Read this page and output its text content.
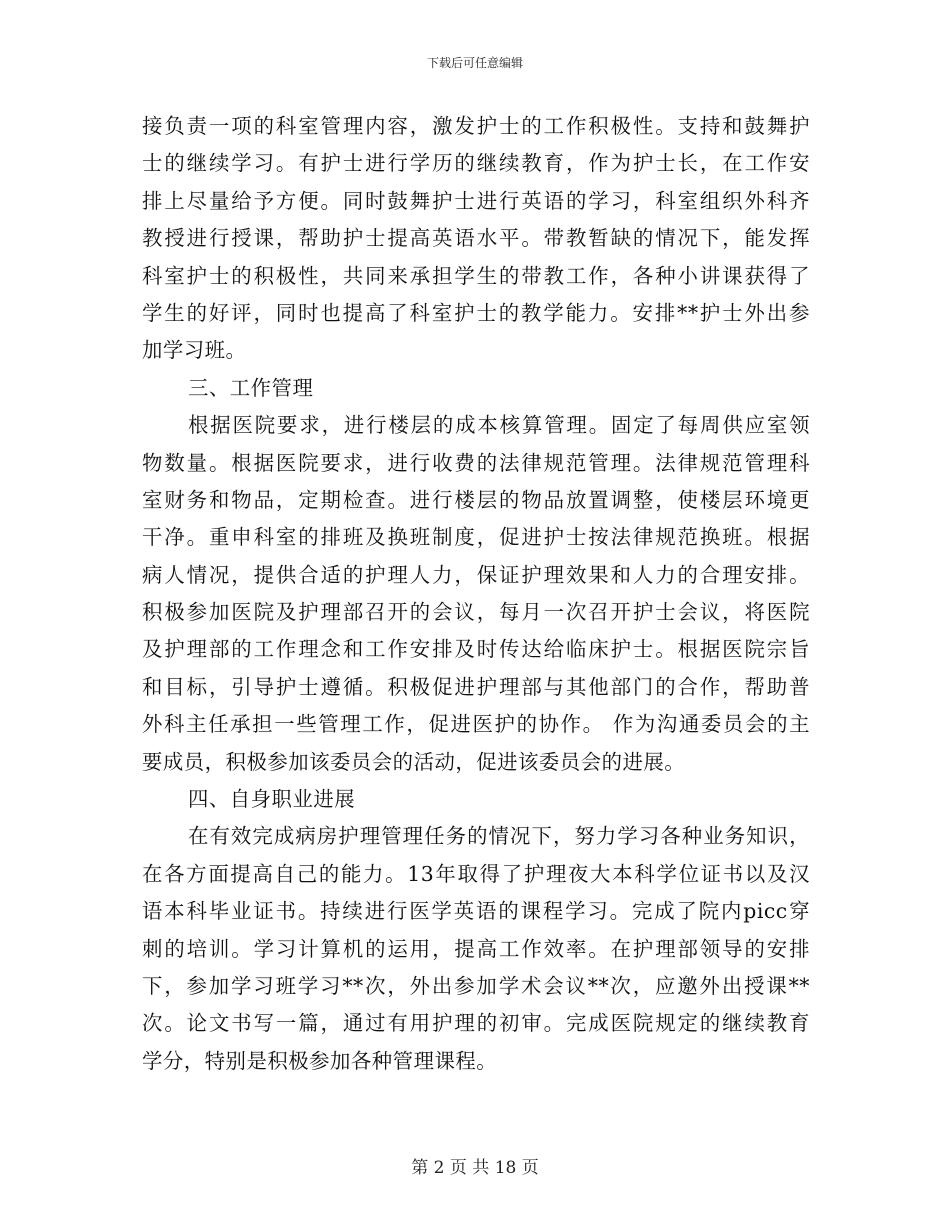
下载后可任意编辑
接负责一项的科室管理内容，激发护士的工作积极性。支持和鼓舞护
士的继续学习。有护士进行学历的继续教育，作为护士长，在工作安
排上尽量给予方便。同时鼓舞护士进行英语的学习，科室组织外科齐
教授进行授课，帮助护士提高英语水平。带教暂缺的情况下，能发挥
科室护士的积极性，共同来承担学生的带教工作，各种小讲课获得了
学生的好评，同时也提高了科室护士的教学能力。安排**护士外出参
加学习班。
三、工作管理
根据医院要求，进行楼层的成本核算管理。固定了每周供应室领
物数量。根据医院要求，进行收费的法律规范管理。法律规范管理科
室财务和物品，定期检查。进行楼层的物品放置调整，使楼层环境更
干净。重申科室的排班及换班制度，促进护士按法律规范换班。根据
病人情况，提供合适的护理人力，保证护理效果和人力的合理安排。
积极参加医院及护理部召开的会议，每月一次召开护士会议，将医院
及护理部的工作理念和工作安排及时传达给临床护士。根据医院宗旨
和目标，引导护士遵循。积极促进护理部与其他部门的合作，帮助普
外科主任承担一些管理工作，促进医护的协作。 作为沟通委员会的主
要成员，积极参加该委员会的活动，促进该委员会的进展。
四、自身职业进展
在有效完成病房护理管理任务的情况下，努力学习各种业务知识，
在各方面提高自己的能力。13年取得了护理夜大本科学位证书以及汉
语本科毕业证书。持续进行医学英语的课程学习。完成了院内picc穿
刺的培训。学习计算机的运用，提高工作效率。在护理部领导的安排
下，参加学习班学习**次，外出参加学术会议**次，应邀外出授课**
次。论文书写一篇，通过有用护理的初审。完成医院规定的继续教育
学分，特别是积极参加各种管理课程。
第 2 页 共 18 页
